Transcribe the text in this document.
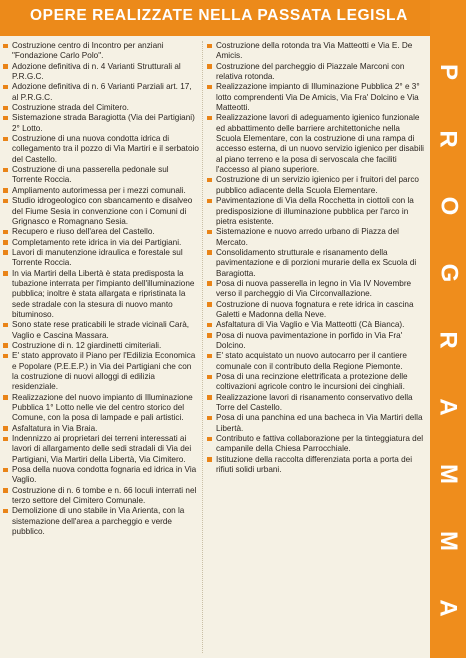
OPERE REALIZZATE NELLA PASSATA LEGISLA
P
R
O
G
R
A
M
M
A
Costruzione centro di Incontro per anziani "Fondazione Carlo Polo".
Adozione definitiva di n. 4 Varianti Strutturali al P.R.G.C.
Adozione definitiva di n. 6 Varianti Parziali art. 17, al P.R.G.C.
Costruzione strada del Cimitero.
Sistemazione strada Baragiotta (Via dei Partigiani) 2° Lotto.
Costruzione di una nuova condotta idrica di collegamento tra il pozzo di Via Martiri e il serbatoio del Castello.
Costruzione di una passerella pedonale sul Torrente Roccia.
Ampliamento autorimessa per i mezzi comunali.
Studio idrogeologico con sbancamento e disalveo del Fiume Sesia in convenzione con i Comuni di Grignasco e Romagnano Sesia.
Recupero e riuso dell'area del Castello.
Completamento rete idrica in via dei Partigiani.
Lavori di manutenzione idraulica e forestale sul Torrente Roccia.
In via Martiri della Libertà è stata predisposta la tubazione interrata per l'impianto dell'illuminazione pubblica; inoltre è stata allargata e ripristinata la sede stradale con la stesura di nuovo manto bituminoso.
Sono state rese praticabili le strade vicinali Carà, Vaglio e Cascina Massara.
Costruzione di n. 12 giardinetti cimiteriali.
E' stato approvato il Piano per l'Edilizia Economica e Popolare (P.E.E.P.) in Via dei Partigiani che con la costruzione di nuovi alloggi di edilizia residenziale.
Realizzazione del nuovo impianto di Illuminazione Pubblica 1° Lotto nelle vie del centro storico del Comune, con la posa di lampade e pali artistici.
Asfaltatura in Via Braia.
Indennizzo ai proprietari dei terreni interessati ai lavori di allargamento delle sedi stradali di Via dei Partigiani, Via Martiri della Libertà, Via Cimitero.
Posa della nuova condotta fognaria ed idrica in Via Vaglio.
Costruzione di n. 6 tombe e n. 66 loculi interrati nel terzo settore del Cimitero Comunale.
Demolizione di uno stabile in Via Arienta, con la sistemazione dell'area a parcheggio e verde pubblico.
Costruzione della rotonda tra Via Matteotti e Via E. De Amicis.
Costruzione del parcheggio di Piazzale Marconi con relativa rotonda.
Realizzazione impianto di Illuminazione Pubblica 2° e 3° lotto comprendenti Via De Amicis, Via Fra' Dolcino e Via Matteotti.
Realizzazione lavori di adeguamento igienico funzionale ed abbattimento delle barriere architettoniche nella Scuola Elementare, con la costruzione di una rampa di accesso esterna, di un nuovo servizio igienico per disabili al piano terreno e la posa di servoscala che faciliti l'accesso al piano superiore.
Costruzione di un servizio igienico per i fruitori del parco pubblico adiacente della Scuola Elementare.
Pavimentazione di Via della Rocchetta in ciottoli con la predisposizione di illuminazione pubblica per l'arco in pietra esistente.
Sistemazione e nuovo arredo urbano di Piazza del Mercato.
Consolidamento strutturale e risanamento della pavimentazione e di porzioni murarie della ex Scuola di Baragiotta.
Posa di nuova passerella in legno in Via IV Novembre verso il parcheggio di Via Circonvallazione.
Costruzione di nuova fognatura e rete idrica in cascina Galetti e Madonna della Neve.
Asfaltatura di Via Vaglio e Via Matteotti (Cà Bianca).
Posa di nuova pavimentazione in porfido in Via Fra' Dolcino.
E' stato acquistato un nuovo autocarro per il cantiere comunale con il contributo della Regione Piemonte.
Posa di una recinzione elettrificata a protezione delle coltivazioni agricole contro le incursioni dei cinghiali.
Realizzazione lavori di risanamento conservativo della Torre del Castello.
Posa di una panchina ed una bacheca in Via Martiri della Libertà.
Contributo e fattiva collaborazione per la tinteggiatura del campanile della Chiesa Parrocchiale.
Istituzione della raccolta differenziata porta a porta dei rifiuti solidi urbani.
